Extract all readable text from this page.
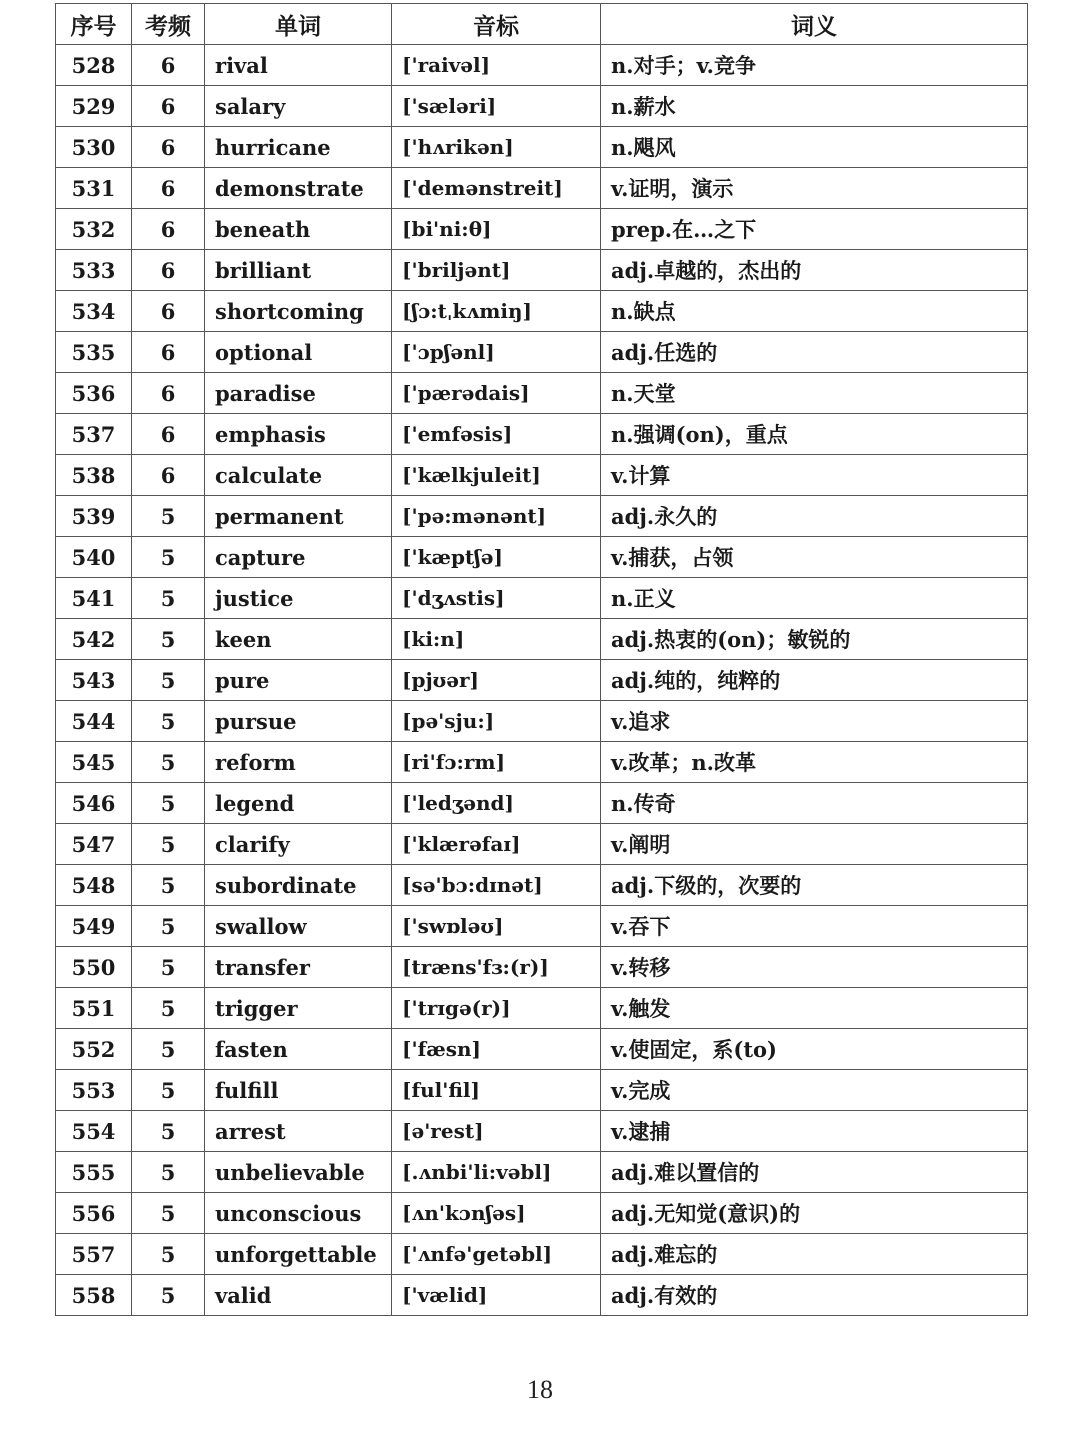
序号	考频	单词	音标	词义
528	6	rival	['raivəl]	n.对手；v.竞争
529	6	salary	['sæləri]	n.薪水
530	6	hurricane	['hʌrikən]	n.飓风
531	6	demonstrate	['demənstreit]	v.证明，演示
532	6	beneath	[bi'ni:θ]	prep.在…之下
533	6	brilliant	['briljənt]	adj.卓越的，杰出的
534	6	shortcoming	[ʃɔ:tˌkʌmiŋ]	n.缺点
535	6	optional	['ɔpʃənl]	adj.任选的
536	6	paradise	['pærədais]	n.天堂
537	6	emphasis	['emfəsis]	n.强调(on)，重点
538	6	calculate	['kælkjuleit]	v.计算
539	5	permanent	['pə:mənənt]	adj.永久的
540	5	capture	['kæptʃə]	v.捕获，占领
541	5	justice	['dʒʌstis]	n.正义
542	5	keen	[ki:n]	adj.热衷的(on)；敏锐的
543	5	pure	[pjʊər]	adj.纯的，纯粹的
544	5	pursue	[pə'sju:]	v.追求
545	5	reform	[ri'fɔ:rm]	v.改革；n.改革
546	5	legend	['ledʒənd]	n.传奇
547	5	clarify	['klærəfaɪ]	v.阐明
548	5	subordinate	[sə'bɔ:dɪnət]	adj.下级的，次要的
549	5	swallow	['swɒləʊ]	v.吞下
550	5	transfer	[træns'fɜ:(r)]	v.转移
551	5	trigger	['trɪgə(r)]	v.触发
552	5	fasten	['fæsn]	v.使固定，系(to)
553	5	fulfill	[ful'fil]	v.完成
554	5	arrest	[ə'rest]	v.逮捕
555	5	unbelievable	[.ʌnbi'li:vəbl]	adj.难以置信的
556	5	unconscious	[ʌn'kɔnʃəs]	adj.无知觉(意识)的
557	5	unforgettable	['ʌnfə'getəbl]	adj.难忘的
558	5	valid	['vælid]	adj.有效的
18
